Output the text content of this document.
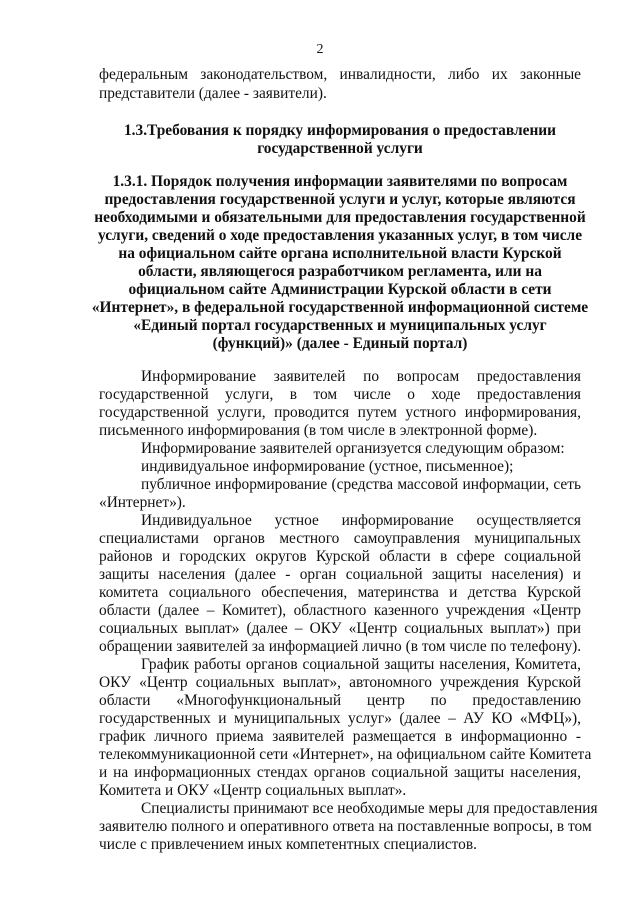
2
федеральным законодательством, инвалидности, либо их законные
представители (далее - заявители).
1.3.Требования к порядку информирования о предоставлении
государственной услуги
1.3.1. Порядок получения информации заявителями по вопросам
предоставления государственной услуги и услуг, которые являются
необходимыми и обязательными для предоставления государственной
услуги, сведений о ходе предоставления указанных услуг, в том числе
на официальном сайте органа исполнительной власти Курской
области, являющегося разработчиком регламента, или на
официальном сайте Администрации Курской области в сети
«Интернет», в федеральной государственной информационной системе
«Единый портал государственных и муниципальных услуг
(функций)» (далее - Единый портал)
Информирование заявителей по вопросам предоставления
государственной услуги, в том числе о ходе предоставления
государственной услуги, проводится путем устного информирования,
письменного информирования (в том числе в электронной форме).
Информирование заявителей организуется следующим образом:
индивидуальное информирование (устное, письменное);
публичное информирование (средства массовой информации, сеть
«Интернет»).
Индивидуальное устное информирование осуществляется
специалистами органов местного самоуправления муниципальных
районов и городских округов Курской области в сфере социальной
защиты населения (далее - орган социальной защиты населения) и
комитета социального обеспечения, материнства и детства Курской
области (далее – Комитет), областного казенного учреждения «Центр
социальных выплат» (далее – ОКУ «Центр социальных выплат») при
обращении заявителей за информацией лично (в том числе по телефону).
График работы органов социальной защиты населения, Комитета,
ОКУ «Центр социальных выплат», автономного учреждения Курской
области «Многофункциональный центр по предоставлению
государственных и муниципальных услуг» (далее – АУ КО «МФЦ»),
график личного приема заявителей размещается в информационно -
телекоммуникационной сети «Интернет», на официальном сайте Комитета
и на информационных стендах органов социальной защиты населения,
Комитета и ОКУ «Центр социальных выплат».
Специалисты принимают все необходимые меры для предоставления
заявителю полного и оперативного ответа на поставленные вопросы, в том
числе с привлечением иных компетентных специалистов.
